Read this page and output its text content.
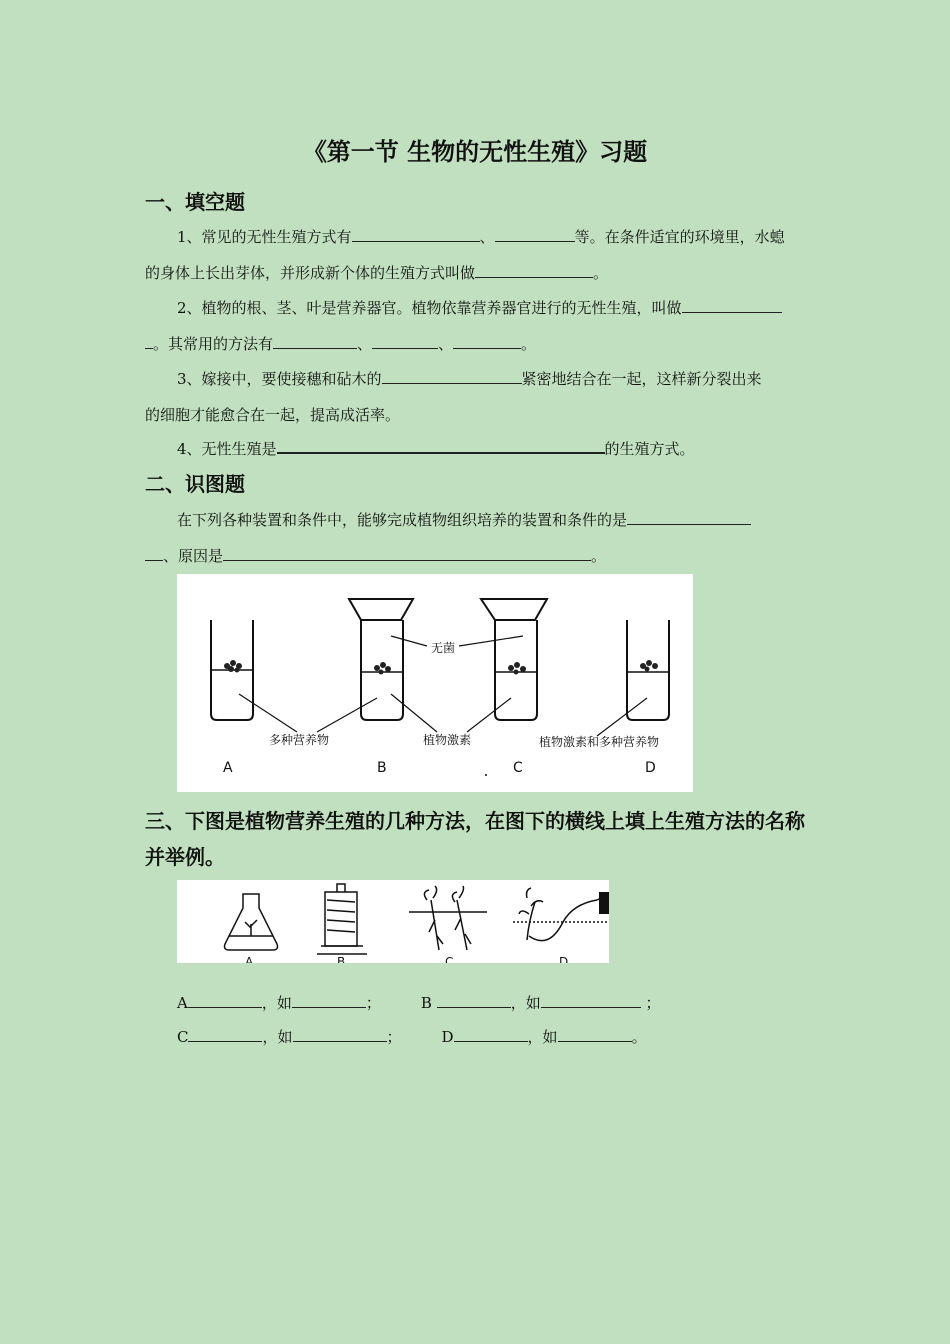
《第一节 生物的无性生殖》习题
一、填空题
1、常见的无性生殖方式有	、	等。在条件适宜的环境里，水螅
的身体上长出芽体，并形成新个体的生殖方式叫做	。
2、植物的根、茎、叶是营养器官。植物依靠营养器官进行的无性生殖，叫做
。其常用的方法有	、	、	。
3、嫁接中，要使接穗和砧木的	紧密地结合在一起，这样新分裂出来
的细胞才能愈合在一起，提高成活率。
4、无性生殖是	的生殖方式。
二、识图题
在下列各种装置和条件中，能够完成植物组织培养的装置和条件的是
、原因是	。
无菌
多种营养物	植物激素	植物激素和多种营养物
A	B	C	D
三、下图是植物营养生殖的几种方法，在图下的横线上填上生殖方法的名称并举例。
A	B	C	D
A	，如	；	B	，如	；
C	，如	；	D	，如	。
